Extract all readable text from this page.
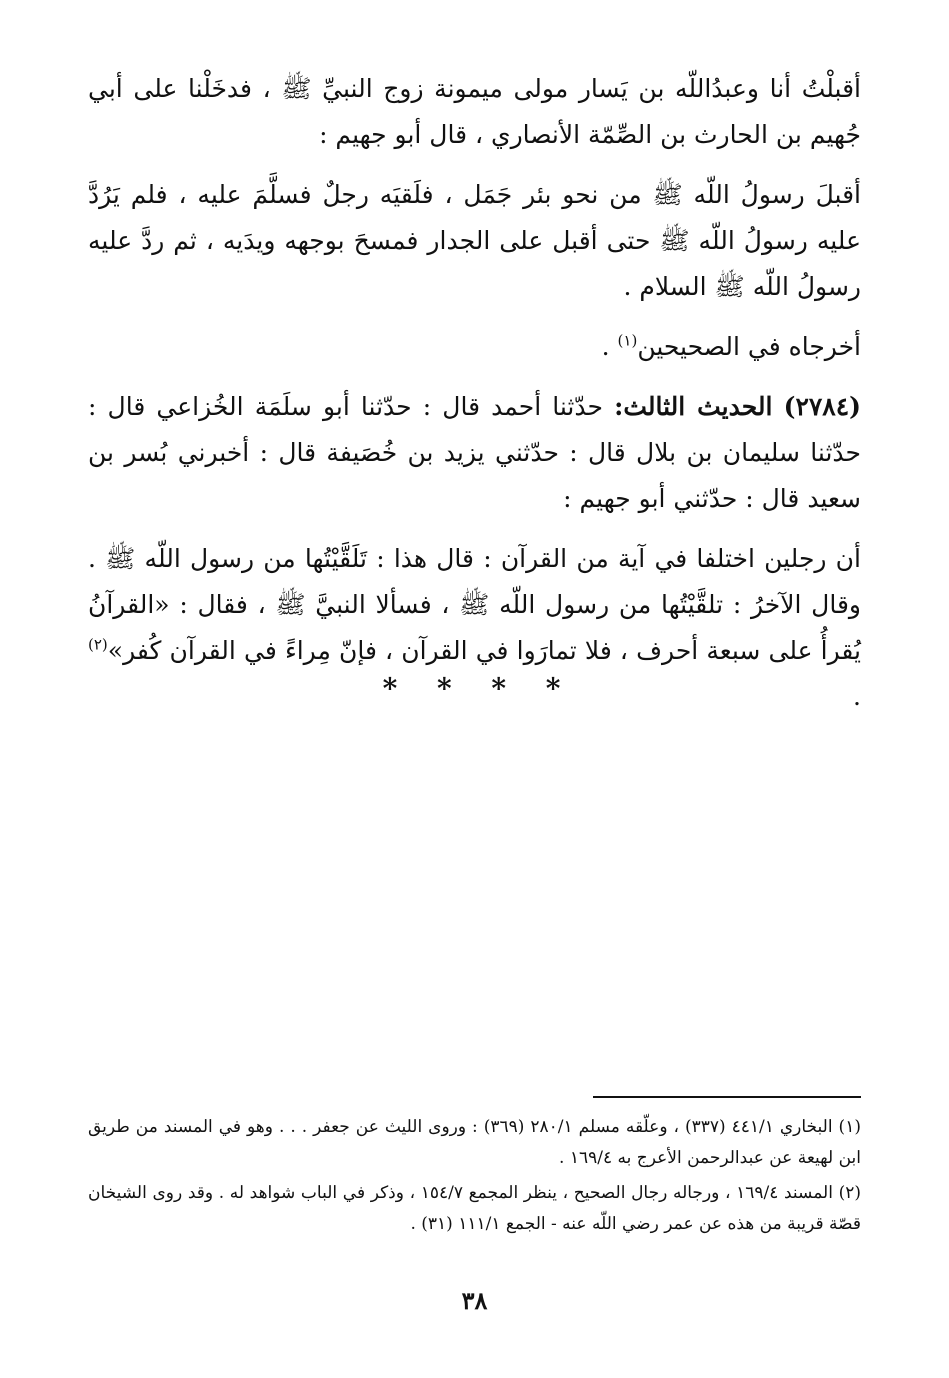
أقبلْتُ أنا وعبدُاللّه بن يَسار مولى ميمونة زوج النبيِّ ﷺ ، فدخَلْنا على أبي جُهيم بن الحارث بن الصِّمّة الأنصاري ، قال أبو جهيم :

أقبلَ رسولُ اللّه ﷺ من نحو بئر جَمَل ، فلَقيَه رجلٌ فسلَّمَ عليه ، فلم يَرُدَّ عليه رسولُ اللّه ﷺ حتى أقبل على الجدار فمسحَ بوجهه ويدَيه ، ثم ردَّ عليه رسولُ اللّه ﷺ السلام .

أخرجاه في الصحيحين$^{(١)}$ .

(٢٧٨٤) الحديث الثالث: حدّثنا أحمد قال : حدّثنا أبو سلَمَة الخُزاعي قال : حدّثنا سليمان بن بلال قال : حدّثني يزيد بن خُصَيفة قال : أخبرني بُسر بن سعيد قال : حدّثني أبو جهيم :

أن رجلين اختلفا في آية من القرآن : قال هذا : تَلَقَّيْتُها من رسول اللّه ﷺ . وقال الآخرُ : تلقَّيْتُها من رسول اللّه ﷺ ، فسألا النبيَّ ﷺ ، فقال : «القرآنُ يُقرأُ على سبعة أحرف ، فلا تمارَوا في القرآن ، فإنّ مِراءً في القرآن كُفر»$^{(٢)}$ .

* * * *

(١) البخاري ٤٤١/١ (٣٣٧) ، وعلّقه مسلم ٢٨٠/١ (٣٦٩) : وروى الليث عن جعفر . . . وهو في المسند من طريق ابن لهيعة عن عبدالرحمن الأعرج به ١٦٩/٤ .

(٢) المسند ١٦٩/٤ ، ورجاله رجال الصحيح ، ينظر المجمع ١٥٤/٧ ، وذكر في الباب شواهد له . وقد روى الشيخان قصّة قريبة من هذه عن عمر رضي اللّه عنه - الجمع ١١١/١ (٣١) .

٣٨
